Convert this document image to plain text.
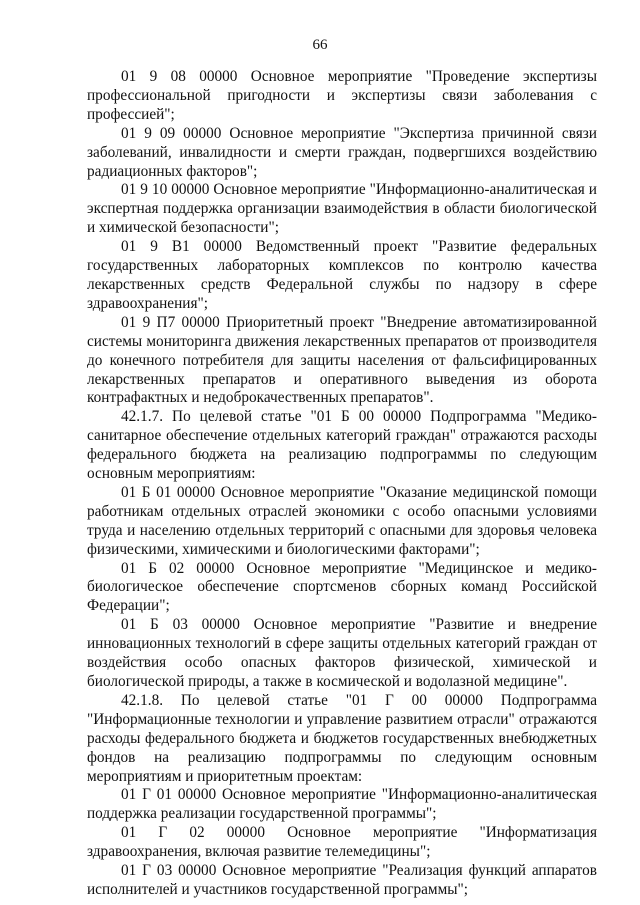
66

01 9 08 00000 Основное мероприятие "Проведение экспертизы профессиональной пригодности и экспертизы связи заболевания с профессией";

01 9 09 00000 Основное мероприятие "Экспертиза причинной связи заболеваний, инвалидности и смерти граждан, подвергшихся воздействию радиационных факторов";

01 9 10 00000 Основное мероприятие "Информационно-аналитическая и экспертная поддержка организации взаимодействия в области биологической и химической безопасности";

01 9 В1 00000 Ведомственный проект "Развитие федеральных государственных лабораторных комплексов по контролю качества лекарственных средств Федеральной службы по надзору в сфере здравоохранения";

01 9 П7 00000 Приоритетный проект "Внедрение автоматизированной системы мониторинга движения лекарственных препаратов от производителя до конечного потребителя для защиты населения от фальсифицированных лекарственных препаратов и оперативного выведения из оборота контрафактных и недоброкачественных препаратов".

42.1.7. По целевой статье "01 Б 00 00000 Подпрограмма "Медико-санитарное обеспечение отдельных категорий граждан" отражаются расходы федерального бюджета на реализацию подпрограммы по следующим основным мероприятиям:

01 Б 01 00000 Основное мероприятие "Оказание медицинской помощи работникам отдельных отраслей экономики с особо опасными условиями труда и населению отдельных территорий с опасными для здоровья человека физическими, химическими и биологическими факторами";

01 Б 02 00000 Основное мероприятие "Медицинское и медико-биологическое обеспечение спортсменов сборных команд Российской Федерации";

01 Б 03 00000 Основное мероприятие "Развитие и внедрение инновационных технологий в сфере защиты отдельных категорий граждан от воздействия особо опасных факторов физической, химической и биологической природы, а также в космической и водолазной медицине".

42.1.8. По целевой статье "01 Г 00 00000 Подпрограмма "Информационные технологии и управление развитием отрасли" отражаются расходы федерального бюджета и бюджетов государственных внебюджетных фондов на реализацию подпрограммы по следующим основным мероприятиям и приоритетным проектам:

01 Г 01 00000 Основное мероприятие "Информационно-аналитическая поддержка реализации государственной программы";

01 Г 02 00000 Основное мероприятие "Информатизация здравоохранения, включая развитие телемедицины";

01 Г 03 00000 Основное мероприятие "Реализация функций аппаратов исполнителей и участников государственной программы";
